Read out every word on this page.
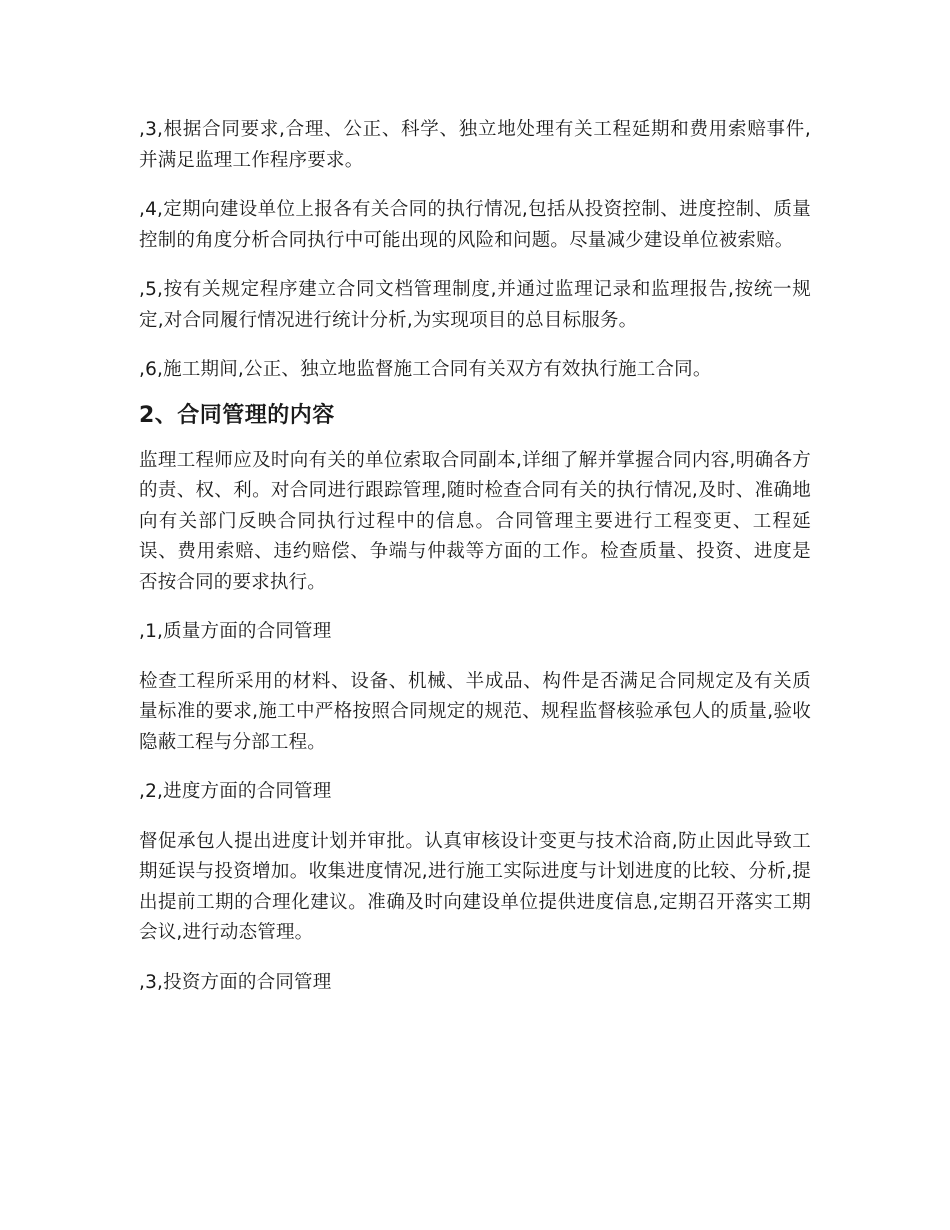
,3,根据合同要求,合理、公正、科学、独立地处理有关工程延期和费用索赔事件,并满足监理工作程序要求。

,4,定期向建设单位上报各有关合同的执行情况,包括从投资控制、进度控制、质量控制的角度分析合同执行中可能出现的风险和问题。尽量减少建设单位被索赔。

,5,按有关规定程序建立合同文档管理制度,并通过监理记录和监理报告,按统一规定,对合同履行情况进行统计分析,为实现项目的总目标服务。

,6,施工期间,公正、独立地监督施工合同有关双方有效执行施工合同。

2、合同管理的内容

监理工程师应及时向有关的单位索取合同副本,详细了解并掌握合同内容,明确各方的责、权、利。对合同进行跟踪管理,随时检查合同有关的执行情况,及时、准确地向有关部门反映合同执行过程中的信息。合同管理主要进行工程变更、工程延误、费用索赔、违约赔偿、争端与仲裁等方面的工作。检查质量、投资、进度是否按合同的要求执行。

,1,质量方面的合同管理

检查工程所采用的材料、设备、机械、半成品、构件是否满足合同规定及有关质量标准的要求,施工中严格按照合同规定的规范、规程监督核验承包人的质量,验收隐蔽工程与分部工程。

,2,进度方面的合同管理

督促承包人提出进度计划并审批。认真审核设计变更与技术洽商,防止因此导致工期延误与投资增加。收集进度情况,进行施工实际进度与计划进度的比较、分析,提出提前工期的合理化建议。准确及时向建设单位提供进度信息,定期召开落实工期会议,进行动态管理。

,3,投资方面的合同管理
